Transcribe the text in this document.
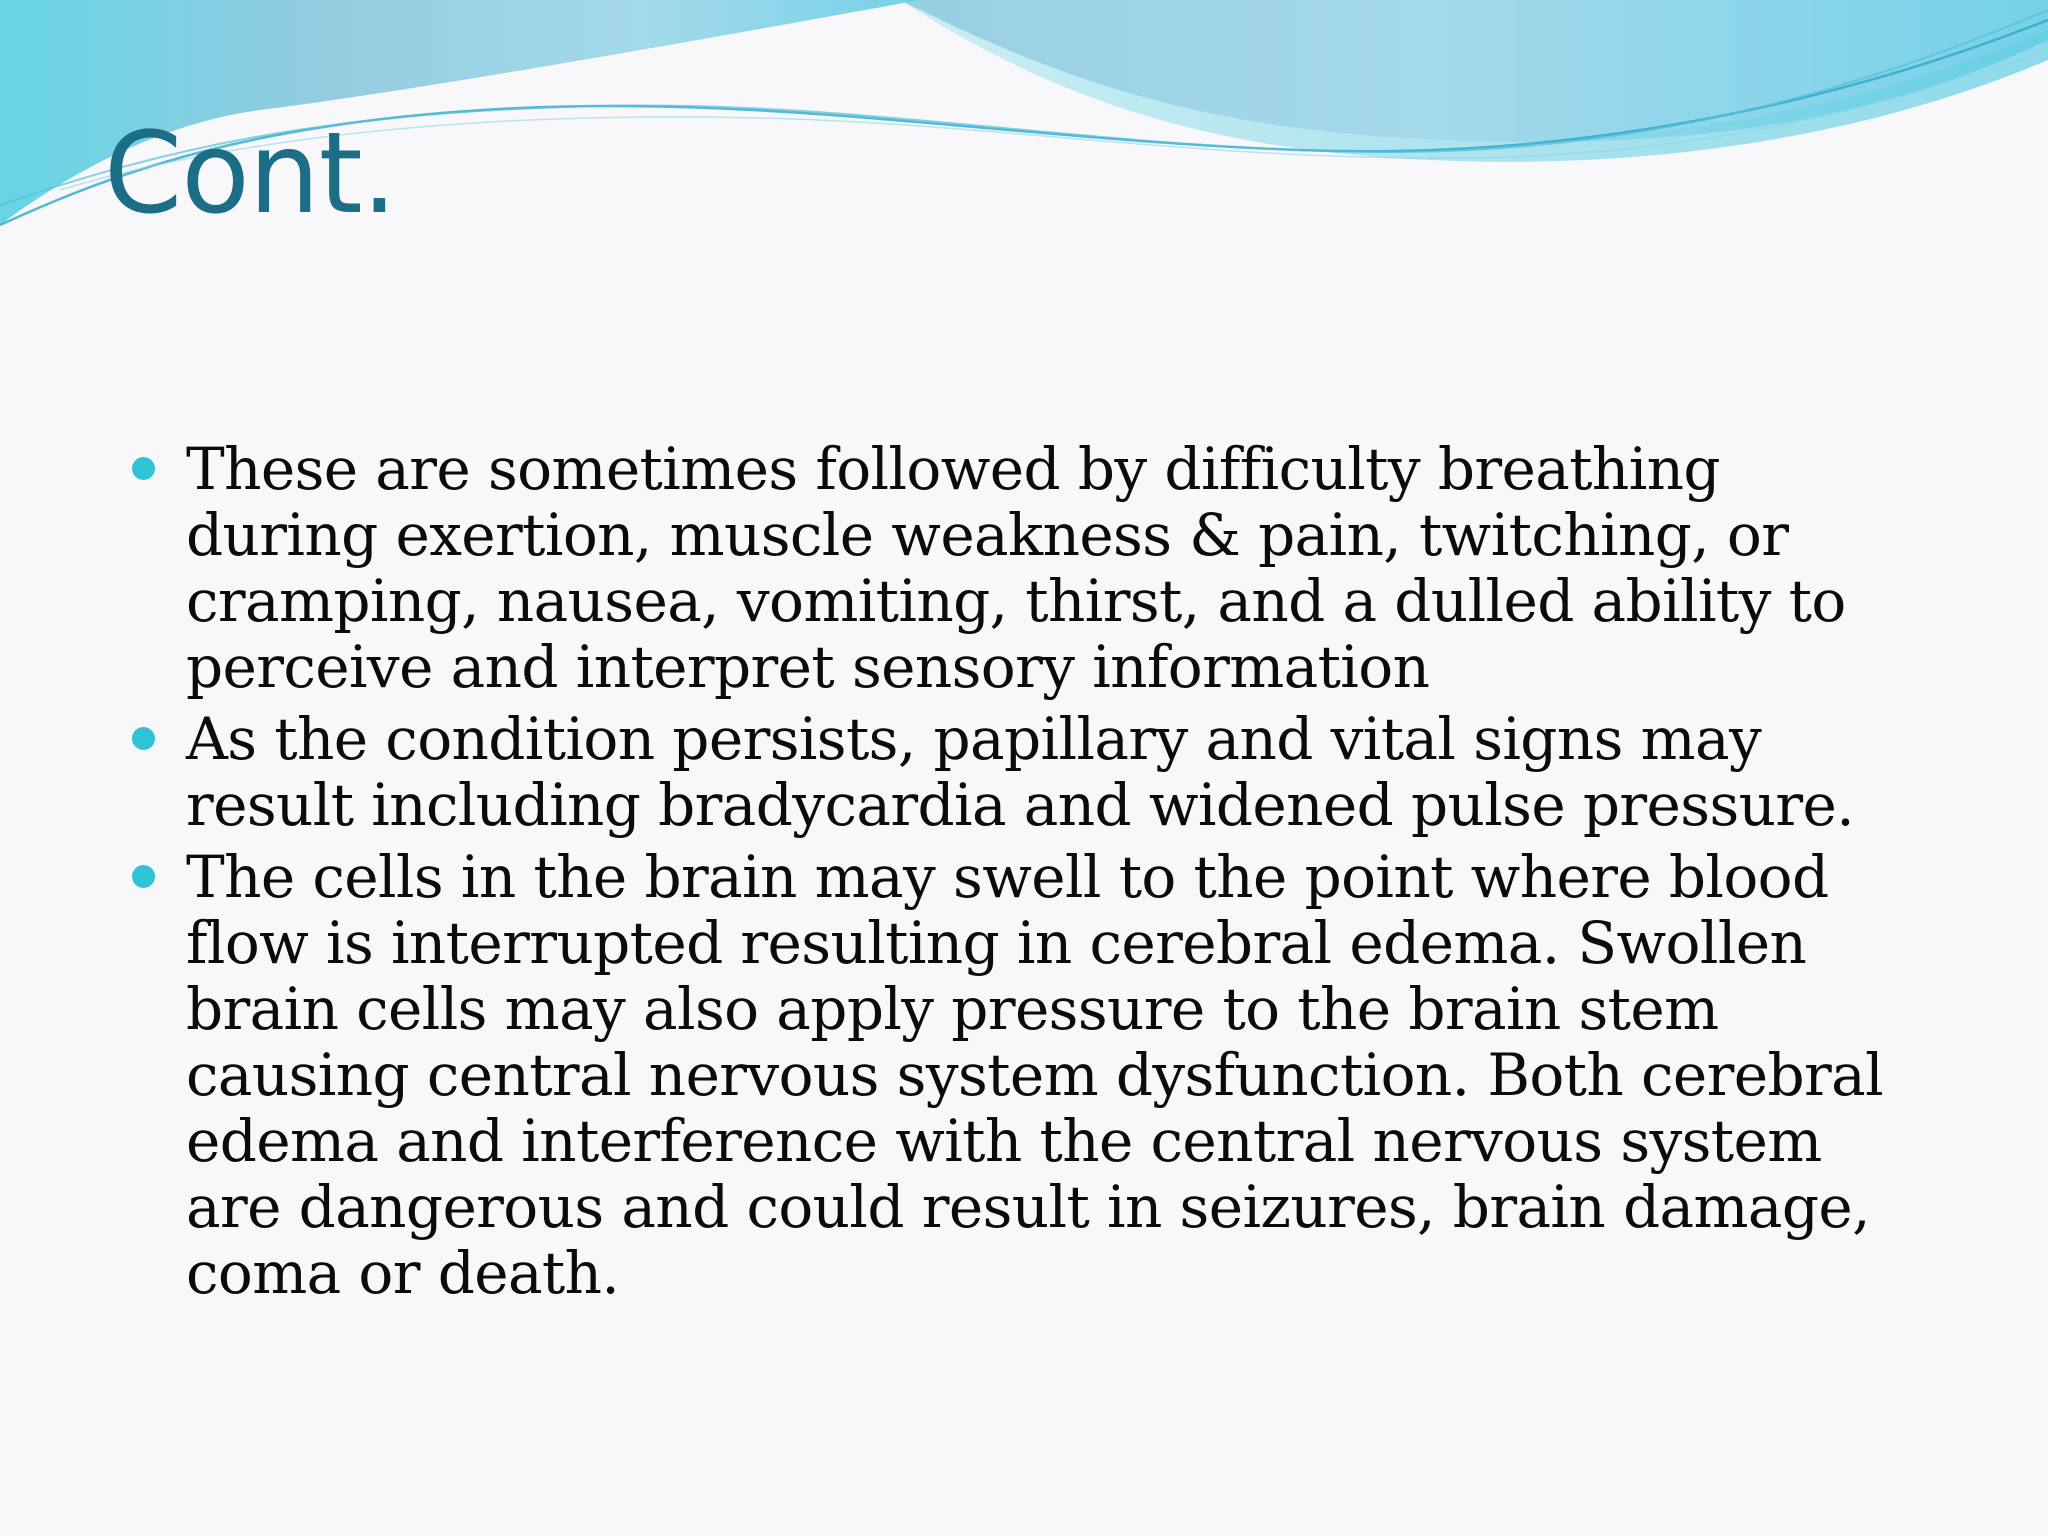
Cont.
These are sometimes followed by difficulty breathing
during exertion, muscle weakness & pain, twitching, or
cramping, nausea, vomiting, thirst, and a dulled ability to
perceive and interpret sensory information
As the condition persists, papillary and vital signs may
result including bradycardia and widened pulse pressure.
The cells in the brain may swell to the point where blood
flow is interrupted resulting in cerebral edema. Swollen
brain cells may also apply pressure to the brain stem
causing central nervous system dysfunction. Both cerebral
edema and interference with the central nervous system
are dangerous and could result in seizures, brain damage,
coma or death.
